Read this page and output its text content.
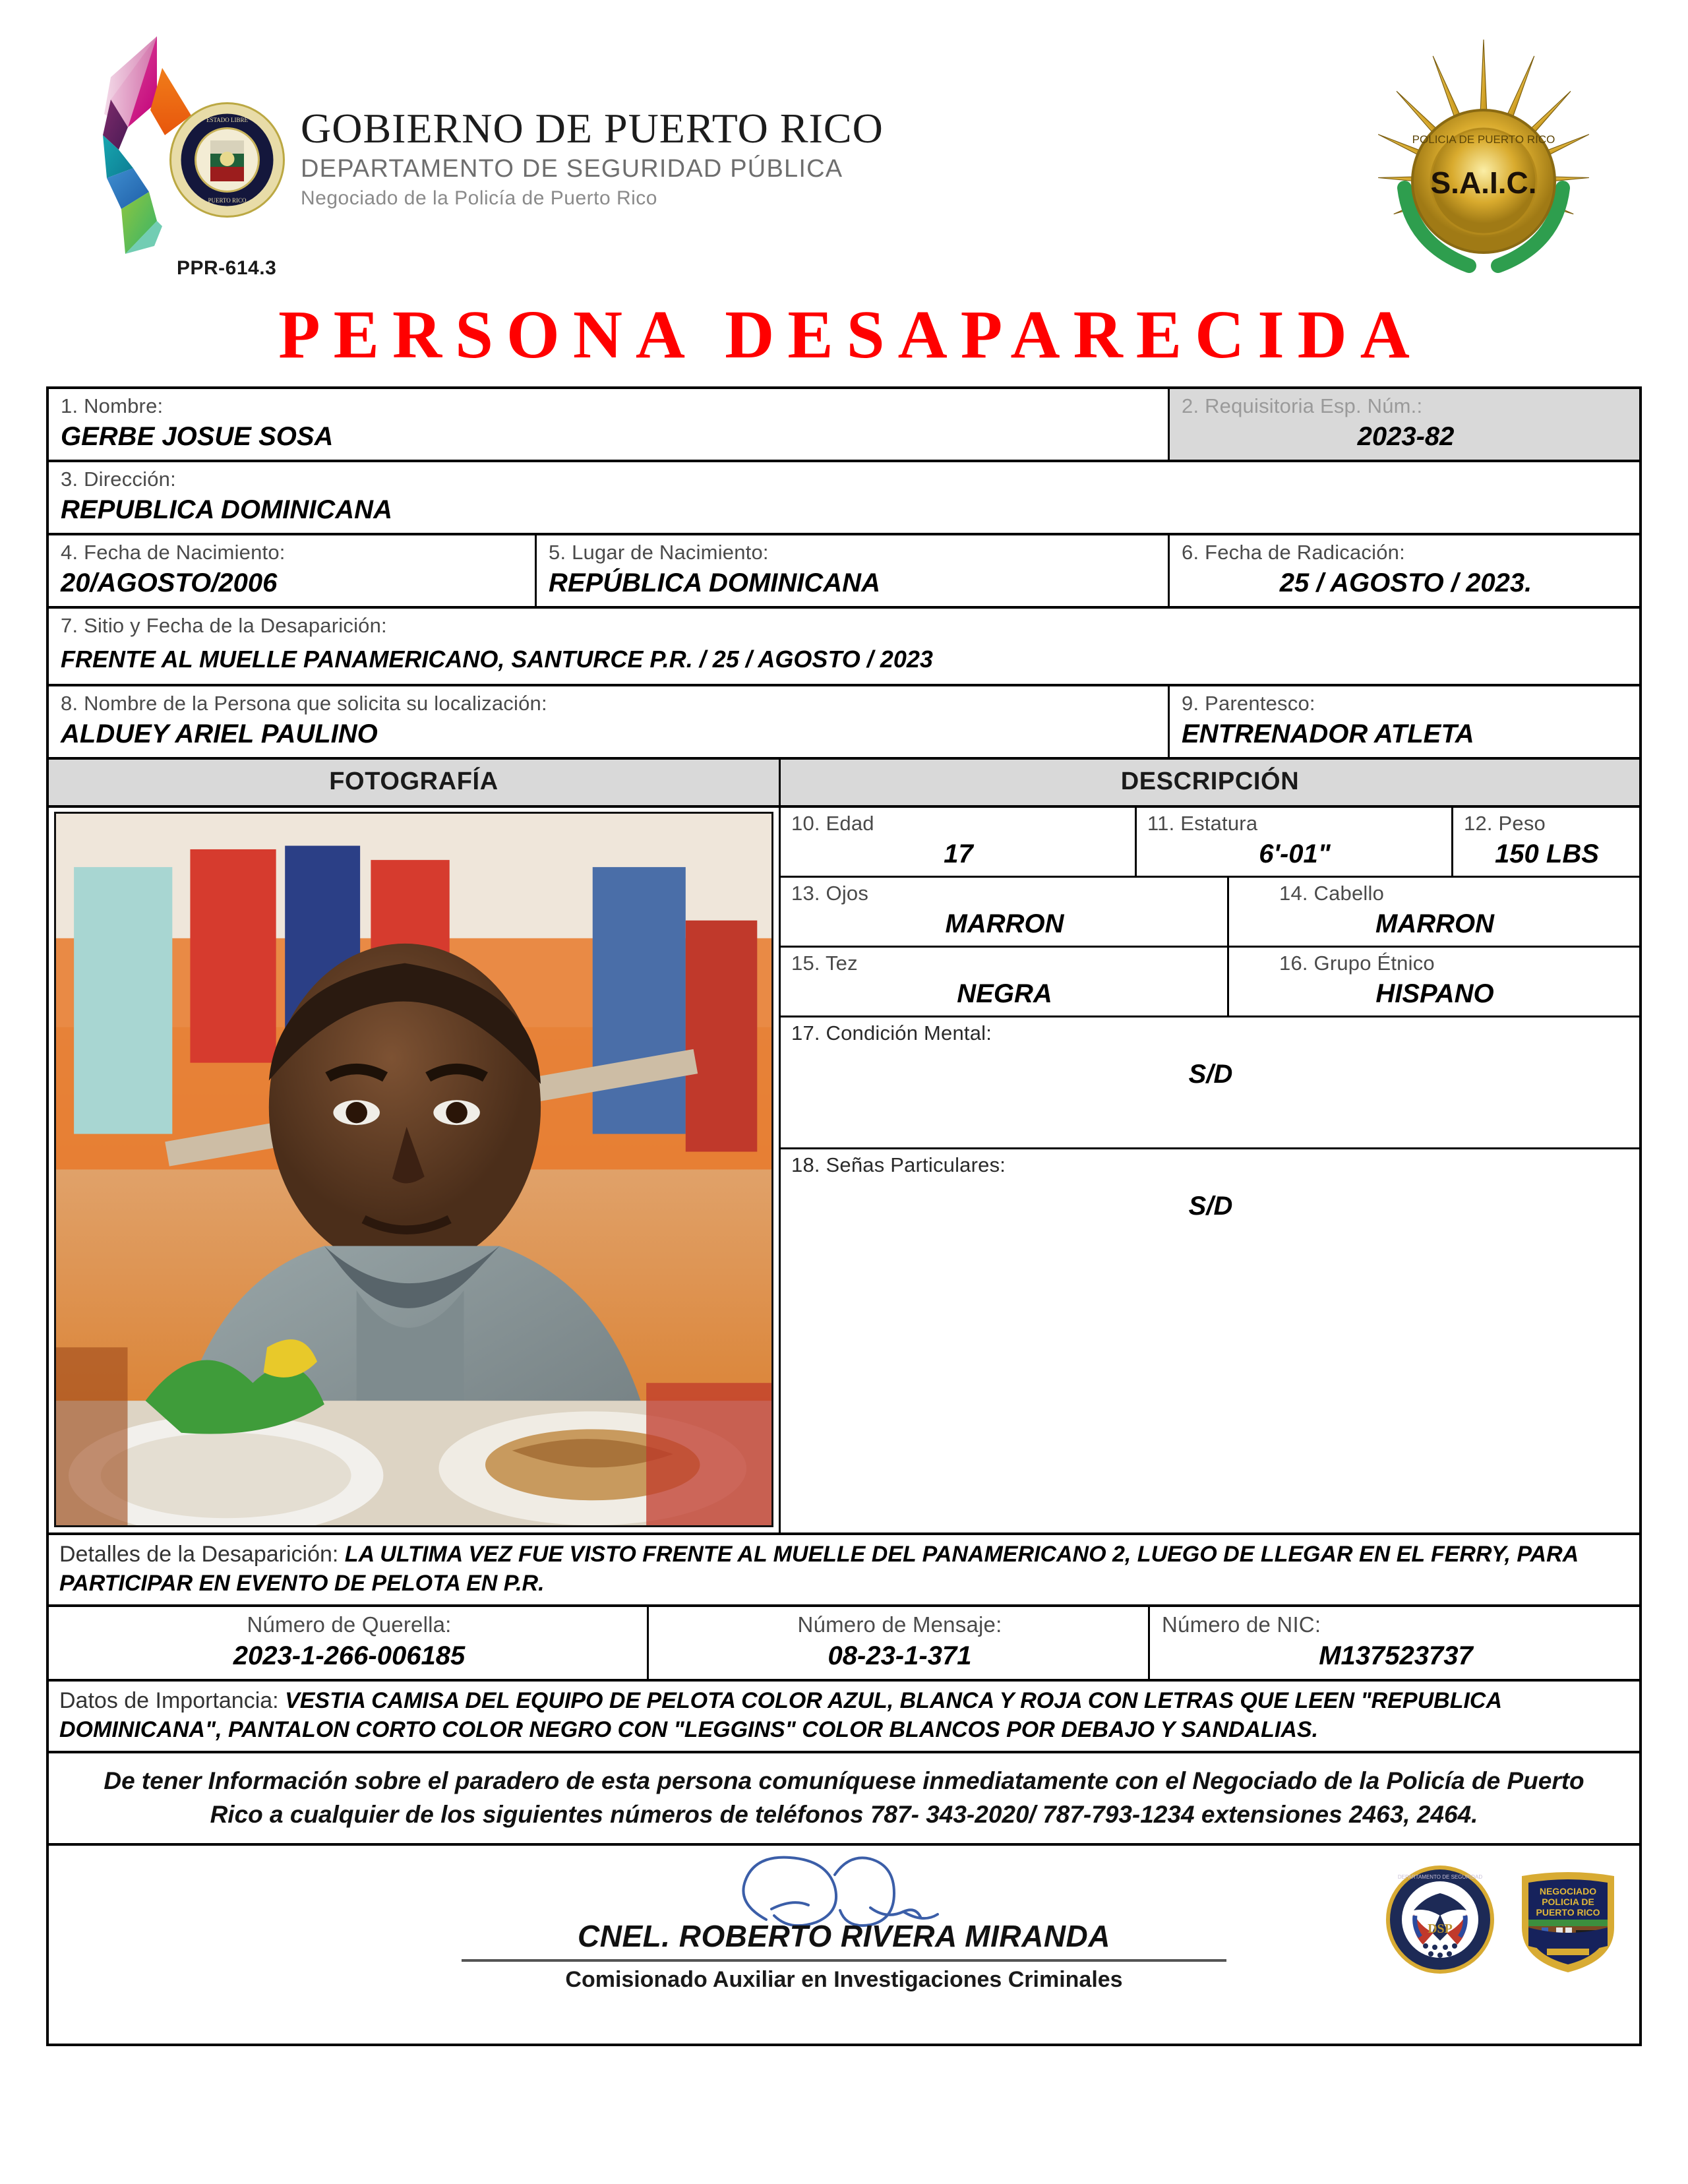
ESTADO LIBRE
PUERTO RICO
GOBIERNO DE PUERTO RICO
DEPARTAMENTO DE SEGURIDAD PÚBLICA
Negociado de la Policía de Puerto Rico
PPR-614.3
S.A.I.C.
POLICIA DE PUERTO RICO
PERSONA DESAPARECIDA
1. Nombre:
GERBE JOSUE SOSA
2. Requisitoria Esp. Núm.:
2023-82
3. Dirección:
REPUBLICA DOMINICANA
4. Fecha de Nacimiento:
20/AGOSTO/2006
5. Lugar de Nacimiento:
REPÚBLICA DOMINICANA
6. Fecha de Radicación:
25 / AGOSTO / 2023.
7. Sitio y Fecha de la Desaparición:
FRENTE AL MUELLE PANAMERICANO, SANTURCE P.R. / 25 / AGOSTO / 2023
8. Nombre de la Persona que solicita su localización:
ALDUEY ARIEL PAULINO
9. Parentesco:
ENTRENADOR ATLETA
FOTOGRAFÍA	DESCRIPCIÓN
10. Edad
17
11. Estatura
6'-01"
12. Peso
150 LBS
13. Ojos
MARRON
14. Cabello
MARRON
15. Tez
NEGRA
16. Grupo Étnico
HISPANO
17. Condición Mental:
S/D
18. Señas Particulares:
S/D
Detalles de la Desaparición: LA ULTIMA VEZ FUE VISTO FRENTE AL MUELLE DEL PANAMERICANO 2, LUEGO DE LLEGAR EN EL FERRY, PARA PARTICIPAR EN EVENTO DE PELOTA EN P.R.
Número de Querella:
2023-1-266-006185
Número de Mensaje:
08-23-1-371
Número de NIC:
M137523737
Datos de Importancia: VESTIA CAMISA DEL EQUIPO DE PELOTA COLOR AZUL, BLANCA Y ROJA CON LETRAS QUE LEEN "REPUBLICA DOMINICANA", PANTALON CORTO COLOR NEGRO CON "LEGGINS" COLOR BLANCOS POR DEBAJO Y SANDALIAS.
De tener Información sobre el paradero de esta persona comuníquese inmediatamente con el Negociado de la Policía de Puerto Rico a cualquier de los siguientes números de teléfonos 787- 343-2020/ 787-793-1234 extensiones 2463, 2464.
CNEL. ROBERTO RIVERA MIRANDA
Comisionado Auxiliar en Investigaciones Criminales
DSP
DEPARTAMENTO DE SEGURIDAD
NEGOCIADO
POLICIA DE
PUERTO RICO
